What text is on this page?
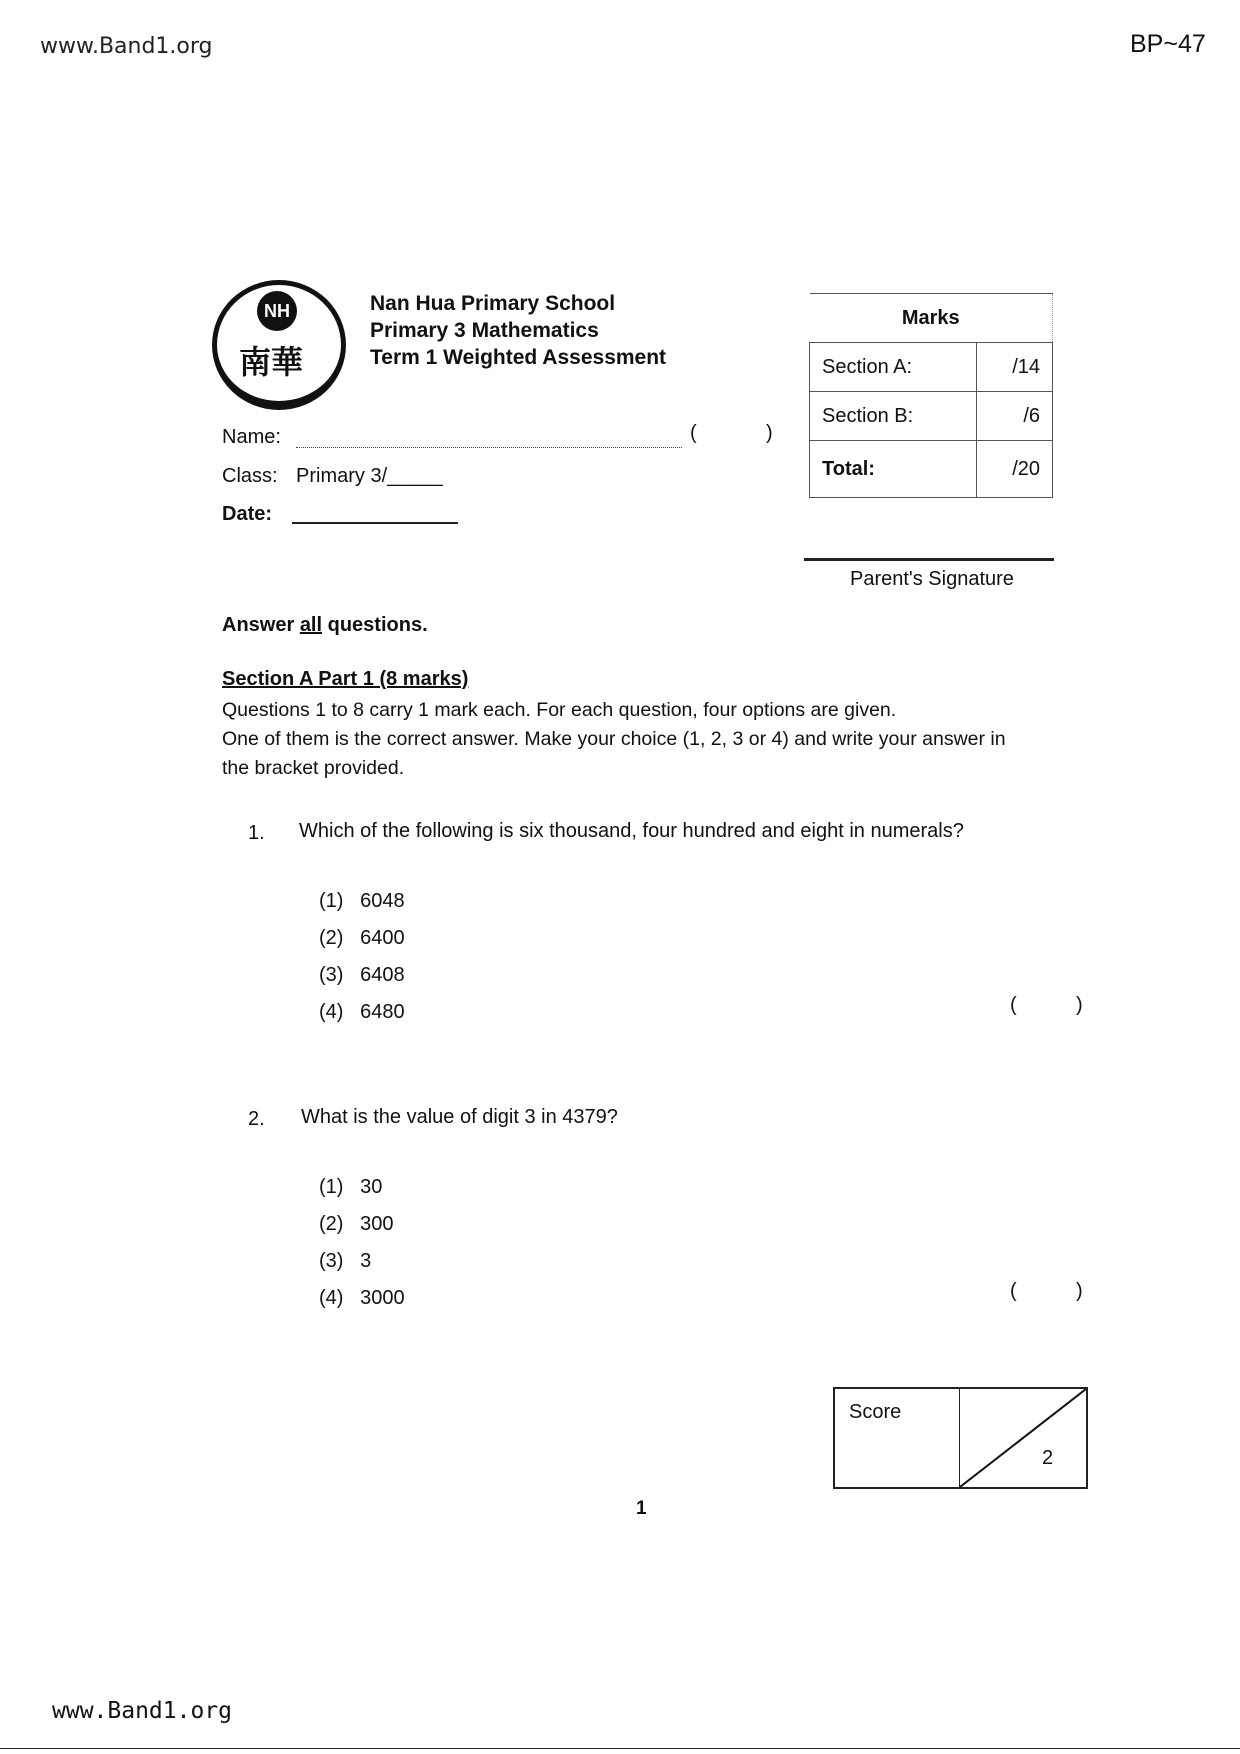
www.Band1.org	BP~47
NH
南華
Nan Hua Primary School
Primary 3 Mathematics
Term 1 Weighted Assessment
Name:	(	)
Class: Primary 3/_____
Date:
Marks	
Section A:	/14
Section B:	/6
Total:	/20
Parent's Signature
Answer all questions.
Section A Part 1 (8 marks)
Questions 1 to 8 carry 1 mark each. For each question, four options are given.
One of them is the correct answer. Make your choice (1, 2, 3 or 4) and write your answer in
the bracket provided.
1. Which of the following is six thousand, four hundred and eight in numerals?
(1) 6048
(2) 6400
(3) 6408
(4) 6480	(	)
2. What is the value of digit 3 in 4379?
(1) 30
(2) 300
(3) 3
(4) 3000	(	)
Score
2
1
www.Band1.org
